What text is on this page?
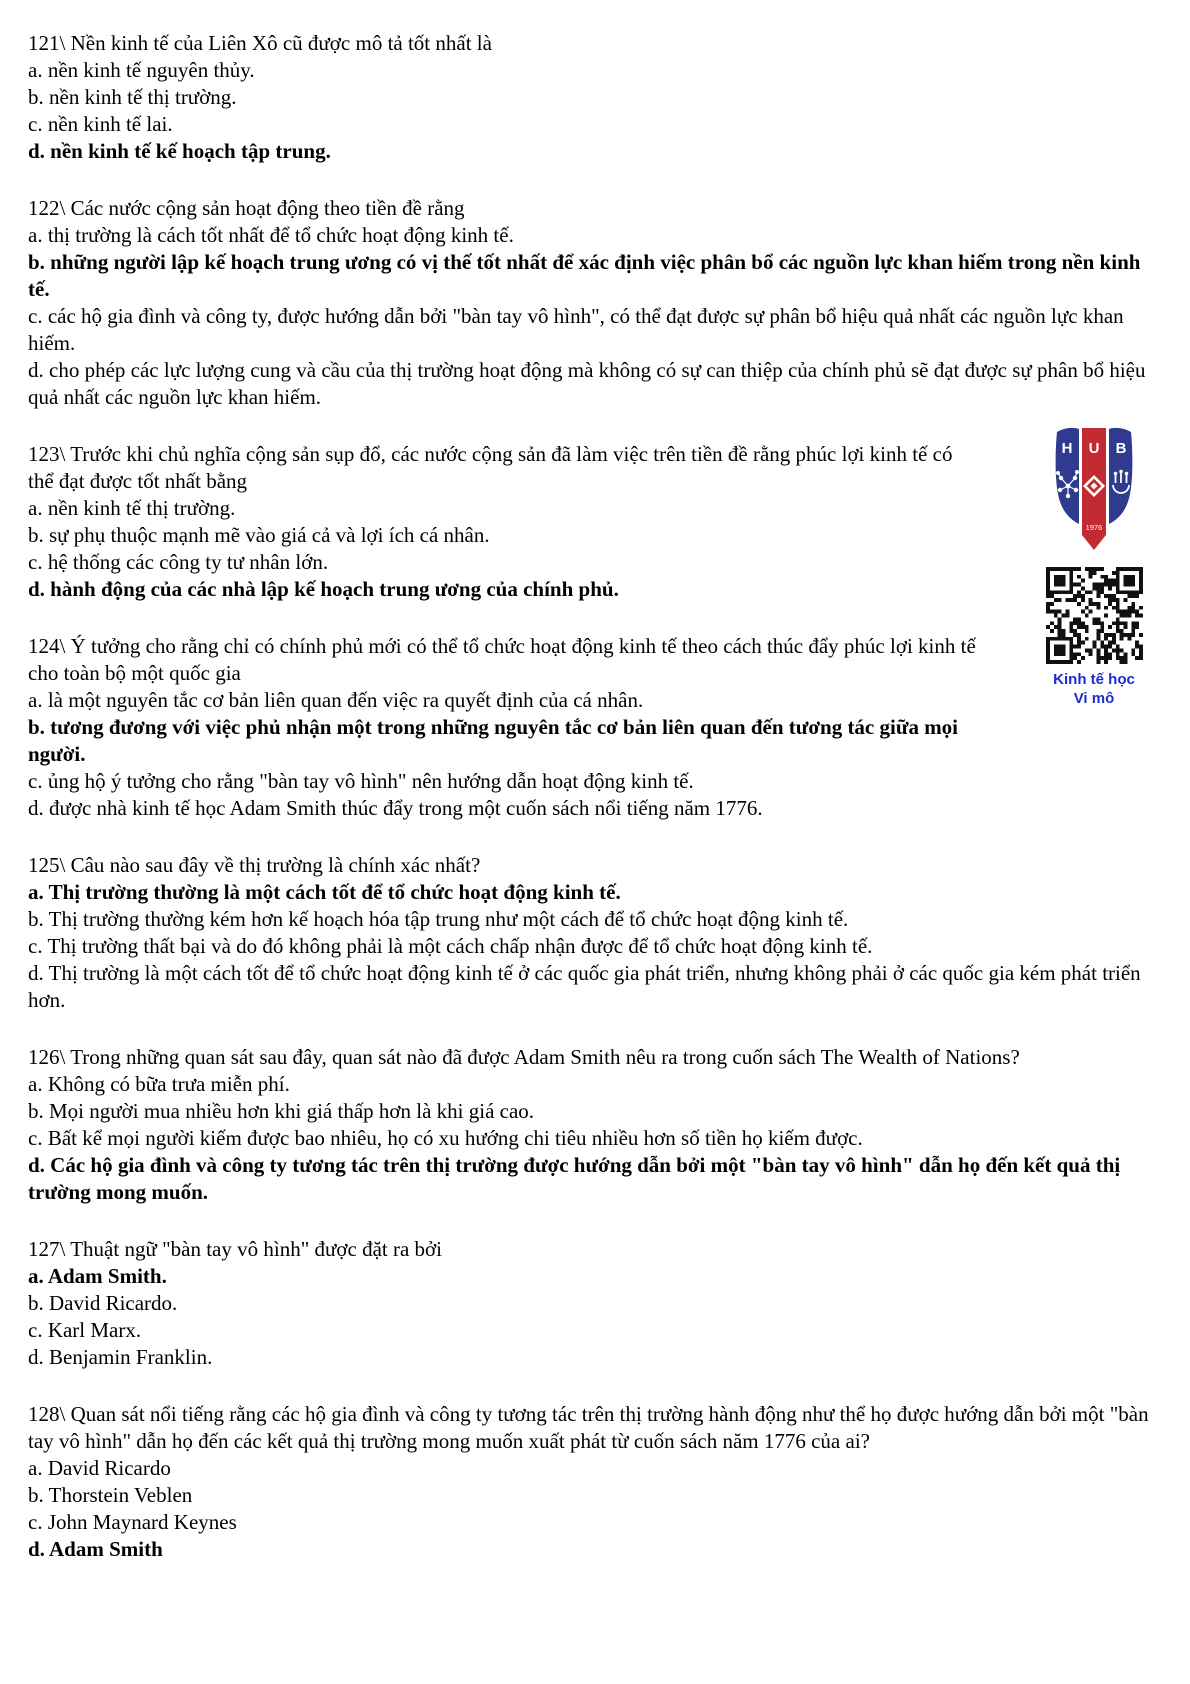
121\ Nền kinh tế của Liên Xô cũ được mô tả tốt nhất là
a. nền kinh tế nguyên thủy.
b. nền kinh tế thị trường.
c. nền kinh tế lai.
d. nền kinh tế kế hoạch tập trung.
122\ Các nước cộng sản hoạt động theo tiền đề rằng
a. thị trường là cách tốt nhất để tổ chức hoạt động kinh tế.
b. những người lập kế hoạch trung ương có vị thế tốt nhất để xác định việc phân bổ các nguồn lực khan hiếm trong nền kinh tế.
c. các hộ gia đình và công ty, được hướng dẫn bởi "bàn tay vô hình", có thể đạt được sự phân bổ hiệu quả nhất các nguồn lực khan hiếm.
d. cho phép các lực lượng cung và cầu của thị trường hoạt động mà không có sự can thiệp của chính phủ sẽ đạt được sự phân bổ hiệu quả nhất các nguồn lực khan hiếm.
123\ Trước khi chủ nghĩa cộng sản sụp đổ, các nước cộng sản đã làm việc trên tiền đề rằng phúc lợi kinh tế có thể đạt được tốt nhất bằng
a. nền kinh tế thị trường.
b. sự phụ thuộc mạnh mẽ vào giá cả và lợi ích cá nhân.
c. hệ thống các công ty tư nhân lớn.
d. hành động của các nhà lập kế hoạch trung ương của chính phủ.
124\ Ý tưởng cho rằng chỉ có chính phủ mới có thể tổ chức hoạt động kinh tế theo cách thúc đẩy phúc lợi kinh tế cho toàn bộ một quốc gia
a. là một nguyên tắc cơ bản liên quan đến việc ra quyết định của cá nhân.
b. tương đương với việc phủ nhận một trong những nguyên tắc cơ bản liên quan đến tương tác giữa mọi người.
c. ủng hộ ý tưởng cho rằng "bàn tay vô hình" nên hướng dẫn hoạt động kinh tế.
d. được nhà kinh tế học Adam Smith thúc đẩy trong một cuốn sách nổi tiếng năm 1776.
125\ Câu nào sau đây về thị trường là chính xác nhất?
a. Thị trường thường là một cách tốt để tổ chức hoạt động kinh tế.
b. Thị trường thường kém hơn kế hoạch hóa tập trung như một cách để tổ chức hoạt động kinh tế.
c. Thị trường thất bại và do đó không phải là một cách chấp nhận được để tổ chức hoạt động kinh tế.
d. Thị trường là một cách tốt để tổ chức hoạt động kinh tế ở các quốc gia phát triển, nhưng không phải ở các quốc gia kém phát triển hơn.
126\ Trong những quan sát sau đây, quan sát nào đã được Adam Smith nêu ra trong cuốn sách The Wealth of Nations?
a. Không có bữa trưa miễn phí.
b. Mọi người mua nhiều hơn khi giá thấp hơn là khi giá cao.
c. Bất kể mọi người kiếm được bao nhiêu, họ có xu hướng chi tiêu nhiều hơn số tiền họ kiếm được.
d. Các hộ gia đình và công ty tương tác trên thị trường được hướng dẫn bởi một "bàn tay vô hình" dẫn họ đến kết quả thị trường mong muốn.
127\ Thuật ngữ "bàn tay vô hình" được đặt ra bởi
a. Adam Smith.
b. David Ricardo.
c. Karl Marx.
d. Benjamin Franklin.
128\ Quan sát nổi tiếng rằng các hộ gia đình và công ty tương tác trên thị trường hành động như thể họ được hướng dẫn bởi một "bàn tay vô hình" dẫn họ đến các kết quả thị trường mong muốn xuất phát từ cuốn sách năm 1776 của ai?
a. David Ricardo
b. Thorstein Veblen
c. John Maynard Keynes
d. Adam Smith
H U B
1976
Kinh tế học
Vi mô
